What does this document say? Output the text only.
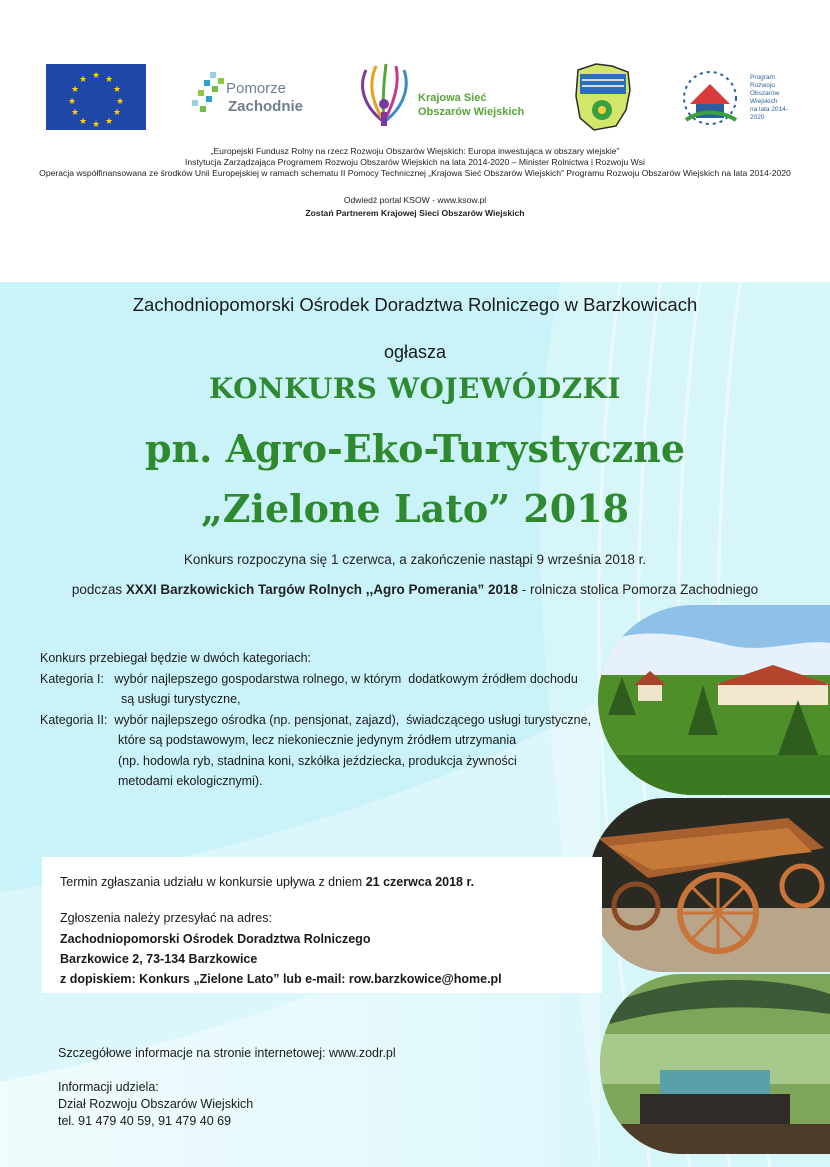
★ ★
★
★
★
★
★
★
★
★
★
★
Pomorze
Zachodnie	Krajowa Sieć
Obszarów Wiejskich
Program
Rozwoju
Obszarów
Wiejskich
na lata 2014-2020
„Europejski Fundusz Rolny na rzecz Rozwoju Obszarów Wiejskich: Europa inwestująca w obszary wiejskie”
Instytucja Zarządzająca Programem Rozwoju Obszarów Wiejskich na lata 2014-2020 – Minister Rolnictwa i Rozwoju Wsi
Operacja współfinansowana ze środków Unii Europejskiej w ramach schematu II Pomocy Technicznej „Krajowa Sieć Obszarów Wiejskich” Programu Rozwoju Obszarów Wiejskich na lata 2014-2020
Odwiedź portal KSOW - www.ksow.pl
Zostań Partnerem Krajowej Sieci Obszarów Wiejskich
Zachodniopomorski Ośrodek Doradztwa Rolniczego w Barzkowicach
ogłasza
KONKURS WOJEWÓDZKI
pn. Agro-Eko-Turystyczne
„Zielone Lato” 2018
Konkurs rozpoczyna się 1 czerwca, a zakończenie nastąpi 9 września 2018 r.
podczas XXXI Barzkowickich Targów Rolnych ,,Agro Pomerania” 2018 - rolnicza stolica Pomorza Zachodniego
Konkurs przebiegał będzie w dwóch kategoriach:
Kategoria I:   wybór najlepszego gospodarstwa rolnego, w którym  dodatkowym źródłem dochodu
są usługi turystyczne,
Kategoria II:  wybór najlepszego ośrodka (np. pensjonat, zajazd),  świadczącego usługi turystyczne,
które są podstawowym, lecz niekoniecznie jedynym źródłem utrzymania
(np. hodowla ryb, stadnina koni, szkółka jeździecka, produkcja żywności
metodami ekologicznymi).
Termin zgłaszania udziału w konkursie upływa z dniem 21 czerwca 2018 r.
Zgłoszenia należy przesyłać na adres:
Zachodniopomorski Ośrodek Doradztwa Rolniczego
Barzkowice 2, 73-134 Barzkowice
z dopiskiem: Konkurs „Zielone Lato” lub e-mail: row.barzkowice@home.pl
Szczegółowe informacje na stronie internetowej: www.zodr.pl
Informacji udziela:
Dział Rozwoju Obszarów Wiejskich
tel. 91 479 40 59, 91 479 40 69
